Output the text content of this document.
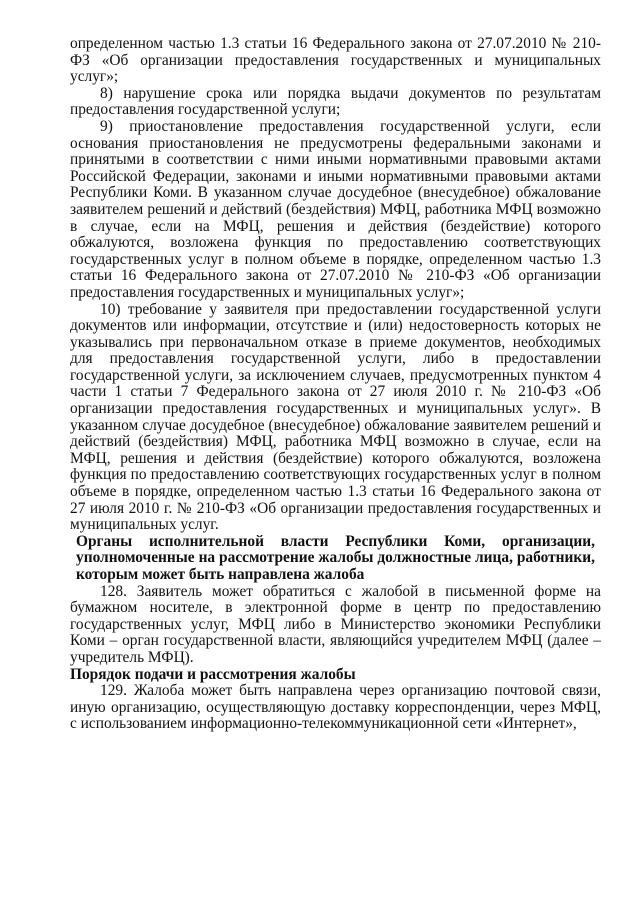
определенном частью 1.3 статьи 16 Федерального закона от 27.07.2010 № 210-ФЗ «Об организации предоставления государственных и муниципальных услуг»;

8) нарушение срока или порядка выдачи документов по результатам предоставления государственной услуги;

9) приостановление предоставления государственной услуги, если основания приостановления не предусмотрены федеральными законами и принятыми в соответствии с ними иными нормативными правовыми актами Российской Федерации, законами и иными нормативными правовыми актами Республики Коми. В указанном случае досудебное (внесудебное) обжалование заявителем решений и действий (бездействия) МФЦ, работника МФЦ возможно в случае, если на МФЦ, решения и действия (бездействие) которого обжалуются, возложена функция по предоставлению соответствующих государственных услуг в полном объеме в порядке, определенном частью 1.3 статьи 16 Федерального закона от 27.07.2010 № 210-ФЗ «Об организации предоставления государственных и муниципальных услуг»;

10) требование у заявителя при предоставлении государственной услуги документов или информации, отсутствие и (или) недостоверность которых не указывались при первоначальном отказе в приеме документов, необходимых для предоставления государственной услуги, либо в предоставлении государственной услуги, за исключением случаев, предусмотренных пунктом 4 части 1 статьи 7 Федерального закона от 27 июля 2010 г. № 210-ФЗ «Об организации предоставления государственных и муниципальных услуг». В указанном случае досудебное (внесудебное) обжалование заявителем решений и действий (бездействия) МФЦ, работника МФЦ возможно в случае, если на МФЦ, решения и действия (бездействие) которого обжалуются, возложена функция по предоставлению соответствующих государственных услуг в полном объеме в порядке, определенном частью 1.3 статьи 16 Федерального закона от 27 июля 2010 г. № 210-ФЗ «Об организации предоставления государственных и муниципальных услуг.

Органы исполнительной власти Республики Коми, организации, уполномоченные на рассмотрение жалобы должностные лица, работники, которым может быть направлена жалоба

128. Заявитель может обратиться с жалобой в письменной форме на бумажном носителе, в электронной форме в центр по предоставлению государственных услуг, МФЦ либо в Министерство экономики Республики Коми – орган государственной власти, являющийся учредителем МФЦ (далее – учредитель МФЦ).

Порядок подачи и рассмотрения жалобы

129. Жалоба может быть направлена через организацию почтовой связи, иную организацию, осуществляющую доставку корреспонденции, через МФЦ, с использованием информационно-телекоммуникационной сети «Интернет»,
